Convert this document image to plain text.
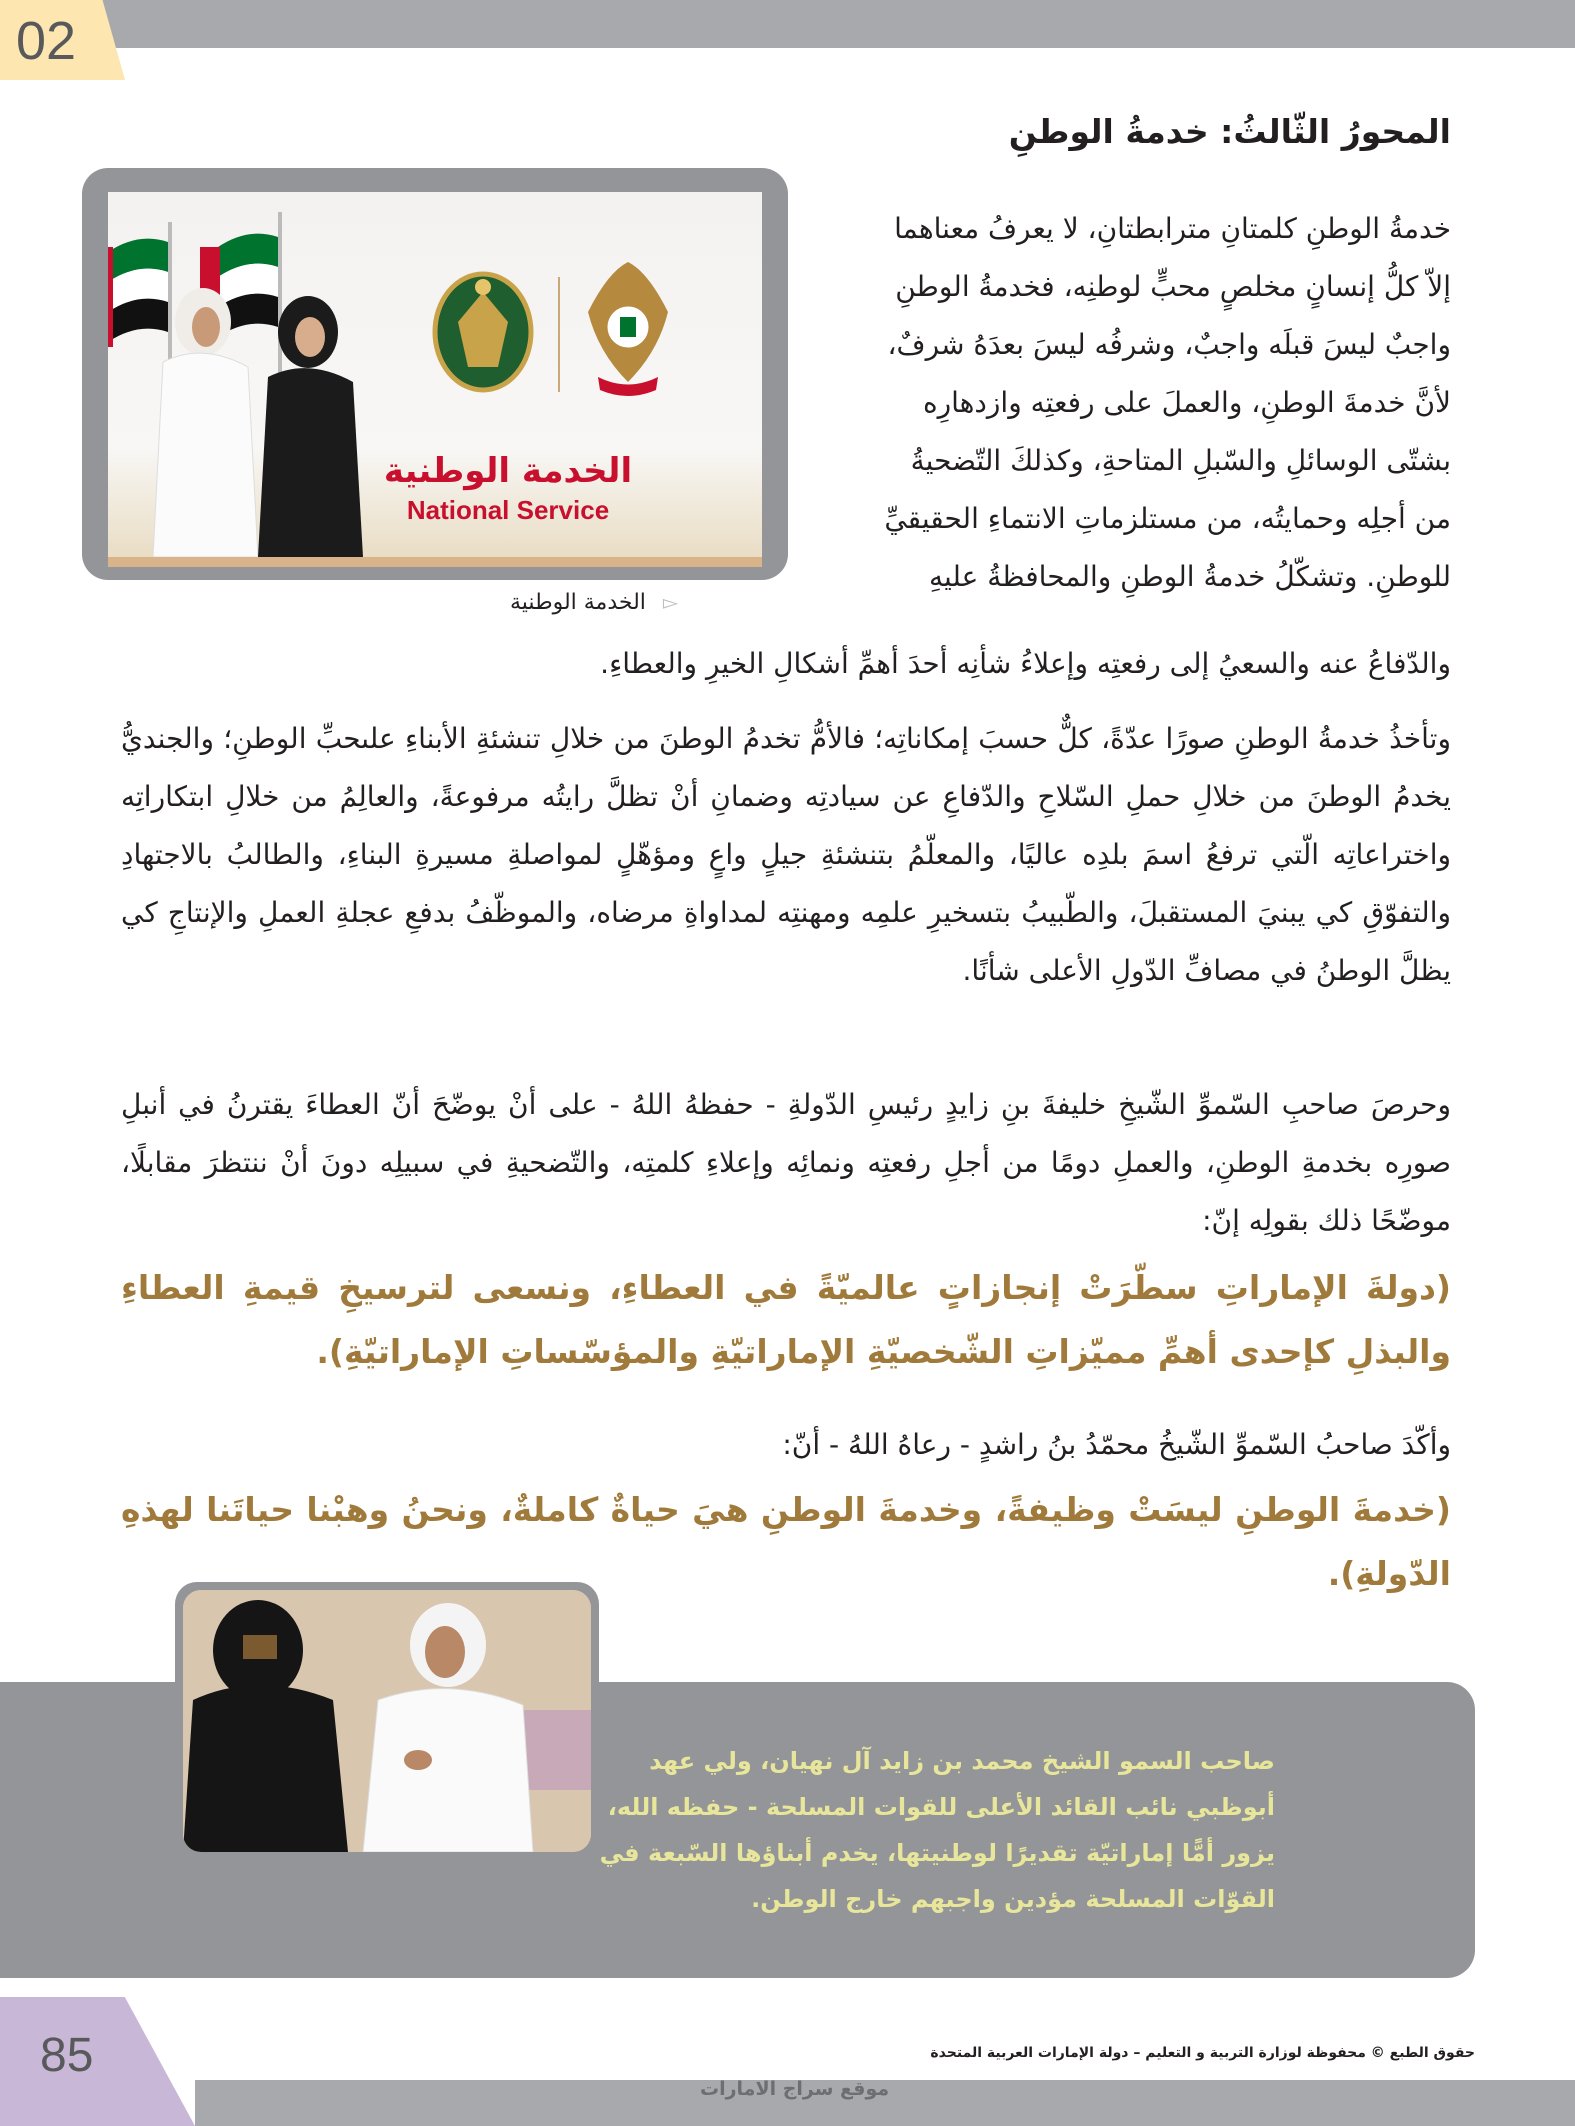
02
المحورُ الثّالثُ: خدمةُ الوطنِ
الخدمة الوطنية
National Service
▻ الخدمة الوطنية
خدمةُ الوطنِ كلمتانِ مترابطتانِ، لا يعرفُ معناهما
إلاّ كلُّ إنسانٍ مخلصٍ محبٍّ لوطنِه، فخدمةُ الوطنِ
واجبٌ ليسَ قبلَه واجبٌ، وشرفُه ليسَ بعدَهُ شرفٌ،
لأنَّ خدمةَ الوطنِ، والعملَ على رفعتِه وازدهارِه
بشتّى الوسائلِ والسّبلِ المتاحةِ، وكذلكَ التّضحيةُ
من أجلِه وحمايتُه، من مستلزماتِ الانتماءِ الحقيقيِّ
للوطنِ. وتشكّلُ خدمةُ الوطنِ والمحافظةُ عليهِ
والدّفاعُ عنه والسعيُ إلى رفعتِه وإعلاءُ شأنِه أحدَ أهمِّ أشكالِ الخيرِ والعطاءِ.
وتأخذُ خدمةُ الوطنِ صورًا عدّةً، كلٌّ حسبَ إمكاناتِه؛ فالأمُّ تخدمُ الوطنَ من خلالِ تنشئةِ الأبناءِ علىحبِّ الوطنِ؛ والجنديُّ يخدمُ الوطنَ من خلالِ حملِ السّلاحِ والدّفاعِ عن سيادتِه وضمانِ أنْ تظلَّ رايتُه مرفوعةً، والعالِمُ من خلالِ ابتكاراتِه واختراعاتِه الّتي ترفعُ اسمَ بلدِه عاليًا، والمعلّمُ بتنشئةِ جيلٍ واعٍ ومؤهّلٍ لمواصلةِ مسيرةِ البناءِ، والطالبُ بالاجتهادِ والتفوّقِ كي يبنيَ المستقبلَ، والطّبيبُ بتسخيرِ علمِه ومهنتِه لمداواةِ مرضاه، والموظّفُ بدفعِ عجلةِ العملِ والإنتاجِ كي يظلَّ الوطنُ في مصافِّ الدّولِ الأعلى شأنًا.
وحرصَ صاحبِ السّموِّ الشّيخِ خليفةَ بنِ زايدٍ رئيسِ الدّولةِ - حفظهُ اللهُ - على أنْ يوضّحَ أنّ العطاءَ يقترنُ في أنبلِ صورِه بخدمةِ الوطنِ، والعملِ دومًا من أجلِ رفعتِه ونمائِه وإعلاءِ كلمتِه، والتّضحيةِ في سبيلِه دونَ أنْ ننتظرَ مقابلًا، موضّحًا ذلك بقولِه إنّ:
(دولةَ الإماراتِ سطّرَتْ إنجازاتٍ عالميّةً في العطاءِ، ونسعى لترسيخِ قيمةِ العطاءِ والبذلِ كإحدى أهمِّ مميّزاتِ الشّخصيّةِ الإماراتيّةِ والمؤسّساتِ الإماراتيّةِ).
وأكّدَ صاحبُ السّموِّ الشّيخُ محمّدُ بنُ راشدٍ - رعاهُ اللهُ - أنّ:
(خدمةَ الوطنِ ليسَتْ وظيفةً، وخدمةَ الوطنِ هيَ حياةٌ كاملةٌ، ونحنُ وهبْنا حياتَنا لهذهِ الدّولةِ).
صاحب السمو الشيخ محمد بن زايد آل نهيان، ولي عهد أبوظبي نائب القائد الأعلى للقوات المسلحة - حفظه الله، يزور أمًّا إماراتيّة تقديرًا لوطنيتها، يخدم أبناؤها السّبعة في القوّات المسلحة مؤدين واجبهم خارج الوطن.
85	حقوق الطبع © محفوظة لوزارة التربية و التعليم – دولة الإمارات العربية المتحدة
موقع سراج الامارات
